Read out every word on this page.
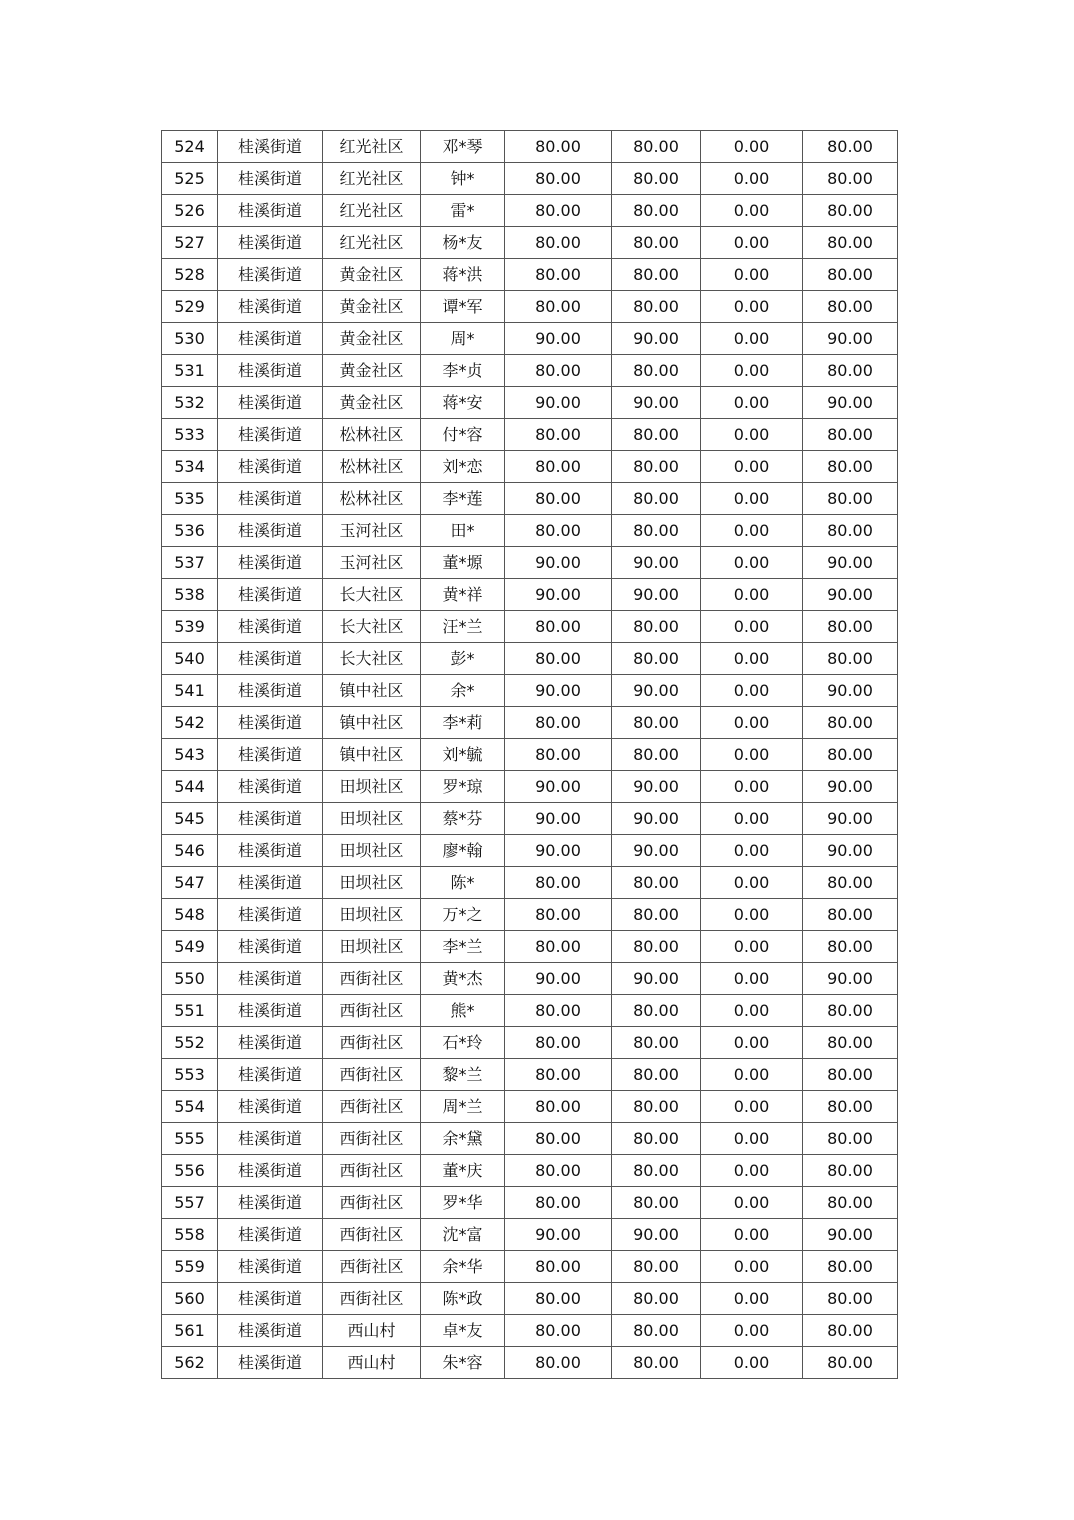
524	桂溪街道	红光社区	邓*琴	80.00	80.00	0.00	80.00
525	桂溪街道	红光社区	钟*	80.00	80.00	0.00	80.00
526	桂溪街道	红光社区	雷*	80.00	80.00	0.00	80.00
527	桂溪街道	红光社区	杨*友	80.00	80.00	0.00	80.00
528	桂溪街道	黄金社区	蒋*洪	80.00	80.00	0.00	80.00
529	桂溪街道	黄金社区	谭*军	80.00	80.00	0.00	80.00
530	桂溪街道	黄金社区	周*	90.00	90.00	0.00	90.00
531	桂溪街道	黄金社区	李*贞	80.00	80.00	0.00	80.00
532	桂溪街道	黄金社区	蒋*安	90.00	90.00	0.00	90.00
533	桂溪街道	松林社区	付*容	80.00	80.00	0.00	80.00
534	桂溪街道	松林社区	刘*恋	80.00	80.00	0.00	80.00
535	桂溪街道	松林社区	李*莲	80.00	80.00	0.00	80.00
536	桂溪街道	玉河社区	田*	80.00	80.00	0.00	80.00
537	桂溪街道	玉河社区	董*塬	90.00	90.00	0.00	90.00
538	桂溪街道	长大社区	黄*祥	90.00	90.00	0.00	90.00
539	桂溪街道	长大社区	汪*兰	80.00	80.00	0.00	80.00
540	桂溪街道	长大社区	彭*	80.00	80.00	0.00	80.00
541	桂溪街道	镇中社区	余*	90.00	90.00	0.00	90.00
542	桂溪街道	镇中社区	李*莉	80.00	80.00	0.00	80.00
543	桂溪街道	镇中社区	刘*毓	80.00	80.00	0.00	80.00
544	桂溪街道	田坝社区	罗*琼	90.00	90.00	0.00	90.00
545	桂溪街道	田坝社区	蔡*芬	90.00	90.00	0.00	90.00
546	桂溪街道	田坝社区	廖*翰	90.00	90.00	0.00	90.00
547	桂溪街道	田坝社区	陈*	80.00	80.00	0.00	80.00
548	桂溪街道	田坝社区	万*之	80.00	80.00	0.00	80.00
549	桂溪街道	田坝社区	李*兰	80.00	80.00	0.00	80.00
550	桂溪街道	西街社区	黄*杰	90.00	90.00	0.00	90.00
551	桂溪街道	西街社区	熊*	80.00	80.00	0.00	80.00
552	桂溪街道	西街社区	石*玲	80.00	80.00	0.00	80.00
553	桂溪街道	西街社区	黎*兰	80.00	80.00	0.00	80.00
554	桂溪街道	西街社区	周*兰	80.00	80.00	0.00	80.00
555	桂溪街道	西街社区	余*黛	80.00	80.00	0.00	80.00
556	桂溪街道	西街社区	董*庆	80.00	80.00	0.00	80.00
557	桂溪街道	西街社区	罗*华	80.00	80.00	0.00	80.00
558	桂溪街道	西街社区	沈*富	90.00	90.00	0.00	90.00
559	桂溪街道	西街社区	余*华	80.00	80.00	0.00	80.00
560	桂溪街道	西街社区	陈*政	80.00	80.00	0.00	80.00
561	桂溪街道	西山村	卓*友	80.00	80.00	0.00	80.00
562	桂溪街道	西山村	朱*容	80.00	80.00	0.00	80.00
